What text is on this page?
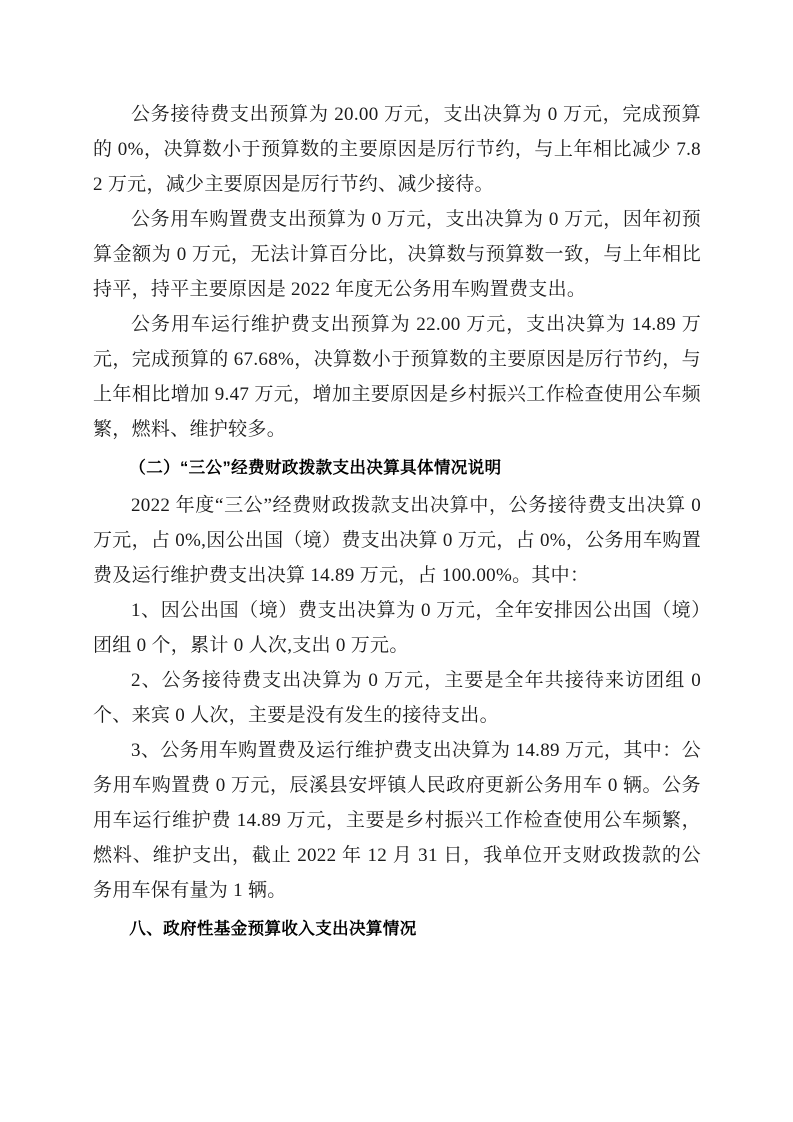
公务接待费支出预算为 20.00 万元，支出决算为 0 万元，完成预算的 0%，决算数小于预算数的主要原因是厉行节约，与上年相比减少 7.82 万元，减少主要原因是厉行节约、减少接待。

公务用车购置费支出预算为 0 万元，支出决算为 0 万元，因年初预算金额为 0 万元，无法计算百分比，决算数与预算数一致，与上年相比持平，持平主要原因是 2022 年度无公务用车购置费支出。

公务用车运行维护费支出预算为 22.00 万元，支出决算为 14.89 万元，完成预算的 67.68%，决算数小于预算数的主要原因是厉行节约，与上年相比增加 9.47 万元，增加主要原因是乡村振兴工作检查使用公车频繁，燃料、维护较多。

（二）“三公”经费财政拨款支出决算具体情况说明

2022 年度“三公”经费财政拨款支出决算中，公务接待费支出决算 0 万元，占 0%,因公出国（境）费支出决算 0 万元，占 0%，公务用车购置费及运行维护费支出决算 14.89 万元，占 100.00%。其中：

1、因公出国（境）费支出决算为 0 万元，全年安排因公出国（境）团组 0 个，累计 0 人次,支出 0 万元。

2、公务接待费支出决算为 0 万元，主要是全年共接待来访团组 0 个、来宾 0 人次，主要是没有发生的接待支出。

3、公务用车购置费及运行维护费支出决算为 14.89 万元，其中：公务用车购置费 0 万元，辰溪县安坪镇人民政府更新公务用车 0 辆。公务用车运行维护费 14.89 万元，主要是乡村振兴工作检查使用公车频繁，燃料、维护支出，截止 2022 年 12 月 31 日，我单位开支财政拨款的公务用车保有量为 1 辆。

八、政府性基金预算收入支出决算情况
